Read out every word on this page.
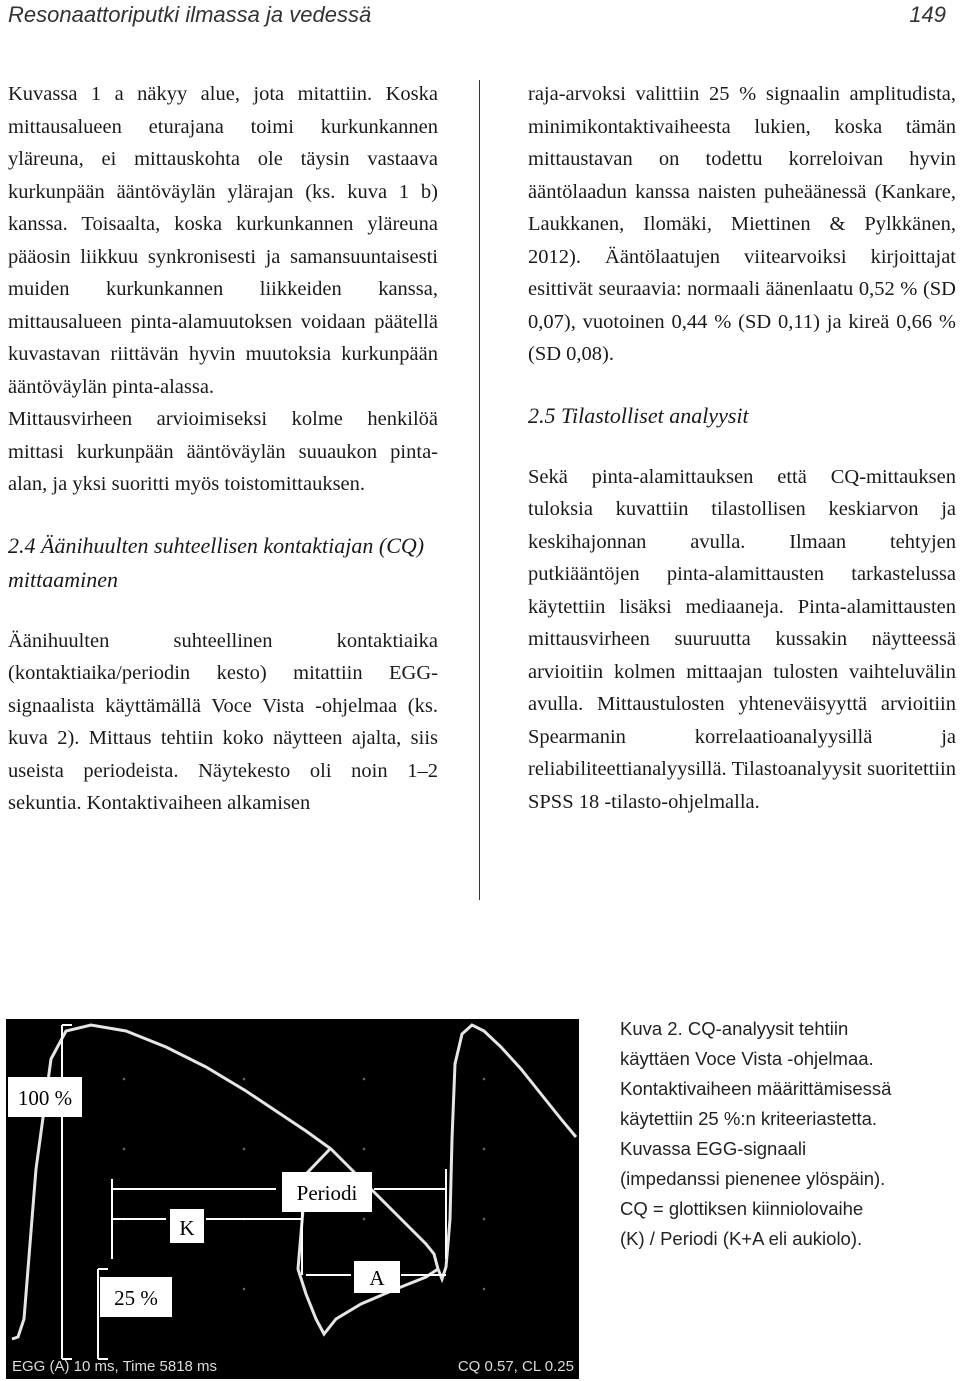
Resonaattoriputki ilmassa ja vedessä	149

Kuvassa 1 a näkyy alue, jota mitattiin. Koska mittausalueen eturajana toimi kurkunkannen yläreuna, ei mittauskohta ole täysin vastaava kurkunpään ääntöväylän ylärajan (ks. kuva 1 b) kanssa. Toisaalta, koska kurkunkannen yläreuna pääosin liikkuu synkronisesti ja samansuuntaisesti muiden kurkunkannen liikkeiden kanssa, mittausalueen pinta-alamuutoksen voidaan päätellä kuvastavan riittävän hyvin muutoksia kurkunpään ääntöväylän pinta-alassa.

Mittausvirheen arvioimiseksi kolme henkilöä mittasi kurkunpään ääntöväylän suuaukon pinta-alan, ja yksi suoritti myös toistomittauksen.

2.4 Äänihuulten suhteellisen kontaktiajan (CQ) mittaaminen

Äänihuulten suhteellinen kontaktiaika (kontaktiaika/periodin kesto) mitattiin EGG-signaalista käyttämällä Voce Vista -ohjelmaa (ks. kuva 2). Mittaus tehtiin koko näytteen ajalta, siis useista periodeista. Näytekesto oli noin 1–2 sekuntia. Kontaktivaiheen alkamisen

raja-arvoksi valittiin 25 % signaalin amplitudista, minimikontaktivaiheesta lukien, koska tämän mittaustavan on todettu korreloivan hyvin ääntölaadun kanssa naisten puheäänessä (Kankare, Laukkanen, Ilomäki, Miettinen & Pylkkänen, 2012). Ääntölaatujen viitearvoiksi kirjoittajat esittivät seuraavia: normaali äänenlaatu 0,52 % (SD 0,07), vuotoinen 0,44 % (SD 0,11) ja kireä 0,66 % (SD 0,08).

2.5 Tilastolliset analyysit

Sekä pinta-alamittauksen että CQ-mittauksen tuloksia kuvattiin tilastollisen keskiarvon ja keskihajonnan avulla. Ilmaan tehtyjen putkiääntöjen pinta-alamittausten tarkastelussa käytettiin lisäksi mediaaneja. Pinta-alamittausten mittausvirheen suuruutta kussakin näytteessä arvioitiin kolmen mittaajan tulosten vaihteluvälin avulla. Mittaustulosten yhteneväisyyttä arvioitiin Spearmanin korrelaatioanalyysillä ja reliabiliteettianalyysillä. Tilastoanalyysit suoritettiin SPSS 18 -tilasto-ohjelmalla.

100 %
Periodi
K
A
25 %
EGG (A) 10 ms, Time 5818 ms	CQ 0.57, CL 0.25
Kuva 2. CQ-analyysit tehtiin
käyttäen Voce Vista -ohjelmaa.
Kontaktivaiheen määrittämisessä
käytettiin 25 %:n kriteeriastetta.
Kuvassa EGG-signaali
(impedanssi pienenee ylöspäin).
CQ = glottiksen kiinniolovaihe
(K) / Periodi (K+A eli aukiolo).
